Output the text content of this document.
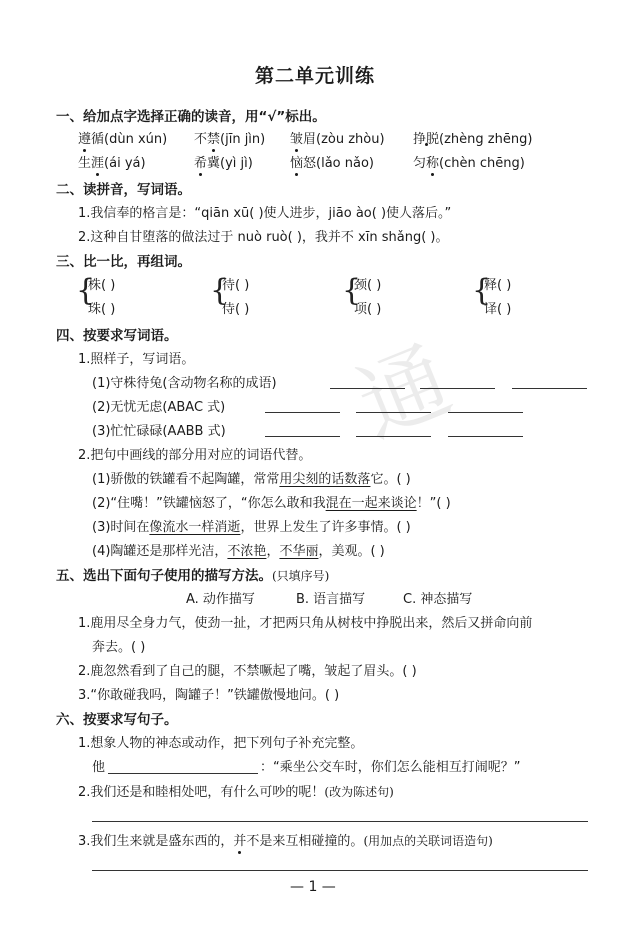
通
第二单元训练
一、给加点字选择正确的读音，用“√”标出。
遵循(dùn xún) 不禁(jīn jìn) 皱眉(zòu zhòu) 挣脱(zhèng zhēng)
生涯(ái yá)	希冀(yì jì)	恼怒(lǎo nǎo)	匀称(chèn chēng)
二、读拼音，写词语。
1.我信奉的格言是：“qiān xū( )使人进步，jiāo ào( )使人落后。”
2.这种自甘堕落的做法过于 nuò ruò( )，我并不 xīn shǎng( )。
三、比一比，再组词。
{
株( )
珠( )
{
待( )
侍( )
{
颈( )
项( )
{
释( )
译( )
四、按要求写词语。
1.照样子，写词语。
(1)守株待兔(含动物名称的成语)
(2)无忧无虑(ABAC 式)
(3)忙忙碌碌(AABB 式)
2.把句中画线的部分用对应的词语代替。
(1)骄傲的铁罐看不起陶罐，常常用尖刻的话数落它。( )
(2)“住嘴！”铁罐恼怒了，“你怎么敢和我混在一起来谈论！”( )
(3)时间在像流水一样消逝，世界上发生了许多事情。( )
(4)陶罐还是那样光洁，不浓艳，不华丽，美观。( )
五、选出下面句子使用的描写方法。(只填序号)
A. 动作描写	B. 语言描写	C. 神态描写
1.鹿用尽全身力气，使劲一扯，才把两只角从树枝中挣脱出来，然后又拼命向前
奔去。( )
2.鹿忽然看到了自己的腿，不禁噘起了嘴，皱起了眉头。( )
3.“你敢碰我吗，陶罐子！”铁罐傲慢地问。( )
六、按要求写句子。
1.想象人物的神态或动作，把下列句子补充完整。
他	：“乘坐公交车时，你们怎么能相互打闹呢？”
2.我们还是和睦相处吧，有什么可吵的呢！(改为陈述句)
3.我们生来就是盛东西的，并不是来互相碰撞的。(用加点的关联词语造句)
— 1 —
